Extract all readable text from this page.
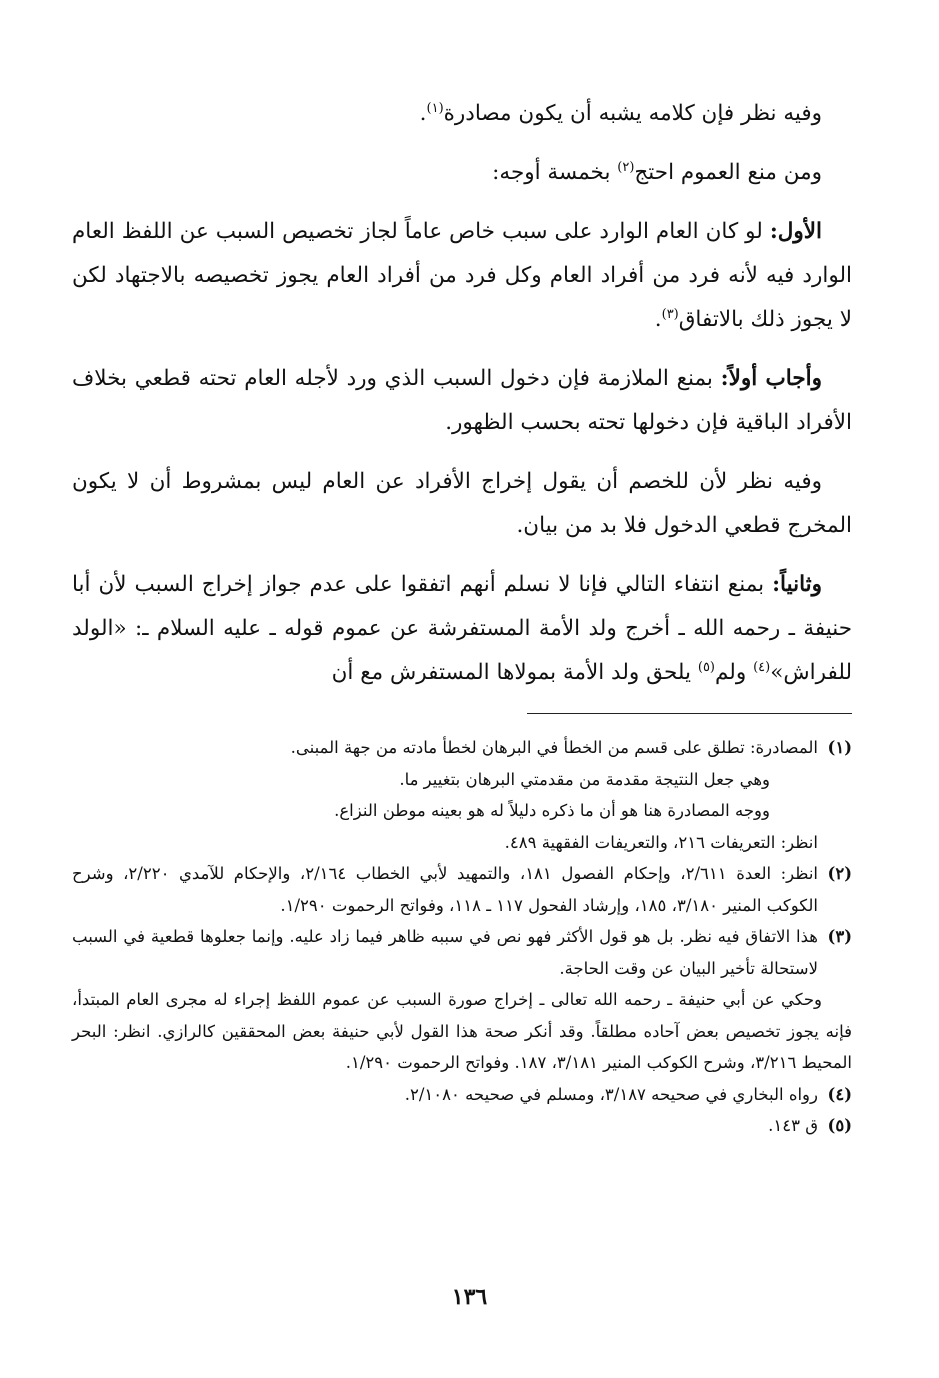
وفيه نظر فإن كلامه يشبه أن يكون مصادرة$^{(١)}$.

ومن منع العموم احتج$^{(٢)}$ بخمسة أوجه:

الأول: لو كان العام الوارد على سبب خاص عاماً لجاز تخصيص السبب عن اللفظ العام الوارد فيه لأنه فرد من أفراد العام وكل فرد من أفراد العام يجوز تخصيصه بالاجتهاد لكن لا يجوز ذلك بالاتفاق$^{(٣)}$.

وأجاب أولاً: بمنع الملازمة فإن دخول السبب الذي ورد لأجله العام تحته قطعي بخلاف الأفراد الباقية فإن دخولها تحته بحسب الظهور.

وفيه نظر لأن للخصم أن يقول إخراج الأفراد عن العام ليس بمشروط أن لا يكون المخرج قطعي الدخول فلا بد من بيان.

وثانياً: بمنع انتفاء التالي فإنا لا نسلم أنهم اتفقوا على عدم جواز إخراج السبب لأن أبا حنيفة ـ رحمه الله ـ أخرج ولد الأمة المستفرشة عن عموم قوله ـ عليه السلام ـ: «الولد للفراش»$^{(٤)}$ ولم$^{(٥)}$ يلحق ولد الأمة بمولاها المستفرش مع أن

(١)
المصادرة: تطلق على قسم من الخطأ في البرهان لخطأ مادته من جهة المبنى.
وهي جعل النتيجة مقدمة من مقدمتي البرهان بتغيير ما.
ووجه المصادرة هنا هو أن ما ذكره دليلاً له هو بعينه موطن النزاع.
انظر: التعريفات ٢١٦، والتعريفات الفقهية ٤٨٩.
(٢)
انظر: العدة ٢/٦١١، وإحكام الفصول ١٨١، والتمهيد لأبي الخطاب ٢/١٦٤، والإحكام للآمدي ٢/٢٢٠، وشرح الكوكب المنير ٣/١٨٠، ١٨٥، وإرشاد الفحول ١١٧ ـ ١١٨، وفواتح الرحموت ١/٢٩٠.
(٣)
هذا الاتفاق فيه نظر. بل هو قول الأكثر فهو نص في سببه ظاهر فيما زاد عليه. وإنما جعلوها قطعية في السبب لاستحالة تأخير البيان عن وقت الحاجة.
وحكي عن أبي حنيفة ـ رحمه الله تعالى ـ إخراج صورة السبب عن عموم اللفظ إجراء له مجرى العام المبتدأ، فإنه يجوز تخصيص بعض آحاده مطلقاً. وقد أنكر صحة هذا القول لأبي حنيفة بعض المحققين كالرازي. انظر: البحر المحيط ٣/٢١٦، وشرح الكوكب المنير ٣/١٨١، ١٨٧. وفواتح الرحموت ١/٢٩٠.
(٤)
رواه البخاري في صحيحه ٣/١٨٧، ومسلم في صحيحه ٢/١٠٨٠.
(٥)
ق ١٤٣.
١٣٦
